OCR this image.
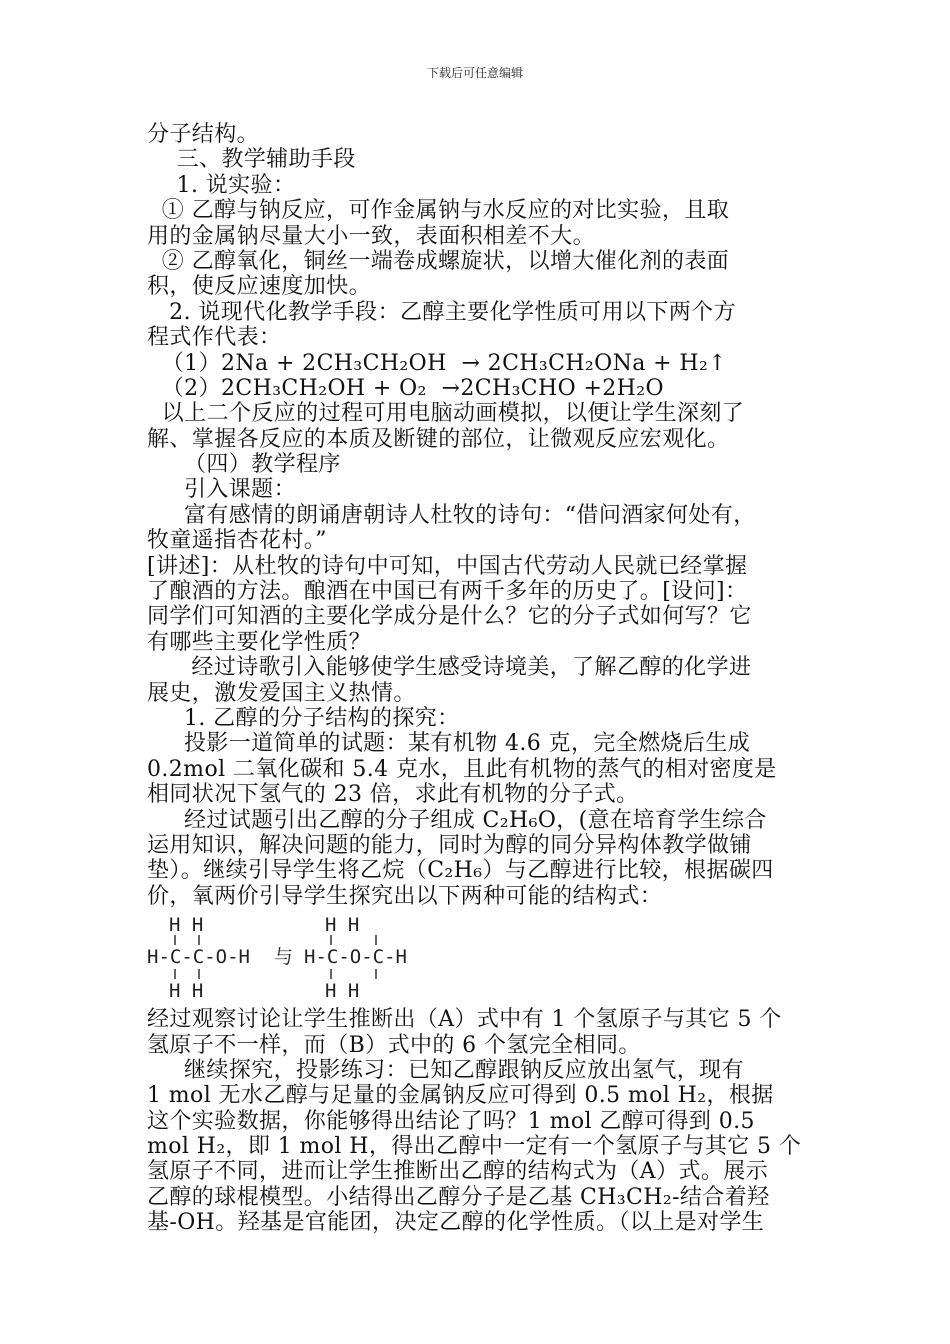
下载后可任意编辑
分子结构。
三、教学辅助手段
1. 说实验：
① 乙醇与钠反应，可作金属钠与水反应的对比实验，且取
用的金属钠尽量大小一致，表面积相差不大。
② 乙醇氧化，铜丝一端卷成螺旋状，以增大催化剂的表面
积，使反应速度加快。
2. 说现代化教学手段：乙醇主要化学性质可用以下两个方
程式作代表：
（1）2Na + 2CH₃CH₂OH  → 2CH₃CH₂ONa + H₂↑
（2）2CH₃CH₂OH + O₂  →2CH₃CHO +2H₂O
以上二个反应的过程可用电脑动画模拟，以便让学生深刻了
解、掌握各反应的本质及断键的部位，让微观反应宏观化。
（四）教学程序
引入课题：
富有感情的朗诵唐朝诗人杜牧的诗句：“借问酒家何处有，
牧童遥指杏花村。”
[讲述]：从杜牧的诗句中可知，中国古代劳动人民就已经掌握
了酿酒的方法。酿酒在中国已有两千多年的历史了。[设问]：
同学们可知酒的主要化学成分是什么？它的分子式如何写？它
有哪些主要化学性质？
经过诗歌引入能够使学生感受诗境美，了解乙醇的化学进
展史，激发爱国主义热情。
1. 乙醇的分子结构的探究：
投影一道简单的试题：某有机物 4.6 克，完全燃烧后生成
0.2mol 二氧化碳和 5.4 克水，且此有机物的蒸气的相对密度是
相同状况下氢气的 23 倍，求此有机物的分子式。
经过试题引出乙醇的分子组成 C₂H₆O，(意在培育学生综合
运用知识，解决问题的能力，同时为醇的同分异构体教学做铺
垫）。继续引导学生将乙烷（C₂H₆）与乙醇进行比较，根据碳四
价，氧两价引导学生探究出以下两种可能的结构式：
H H
H-C-C-O-H
H H
与
H H
H-C-O-C-H
H H
经过观察讨论让学生推断出（A）式中有 1 个氢原子与其它 5 个
氢原子不一样，而（B）式中的 6 个氢完全相同。
继续探究，投影练习：已知乙醇跟钠反应放出氢气，现有
1 mol 无水乙醇与足量的金属钠反应可得到 0.5 mol H₂，根据
这个实验数据，你能够得出结论了吗？1 mol 乙醇可得到 0.5
mol H₂，即 1 mol H，得出乙醇中一定有一个氢原子与其它 5 个
氢原子不同，进而让学生推断出乙醇的结构式为（A）式。展示
乙醇的球棍模型。小结得出乙醇分子是乙基 CH₃CH₂-结合着羟
基-OH。羟基是官能团，决定乙醇的化学性质。（以上是对学生
